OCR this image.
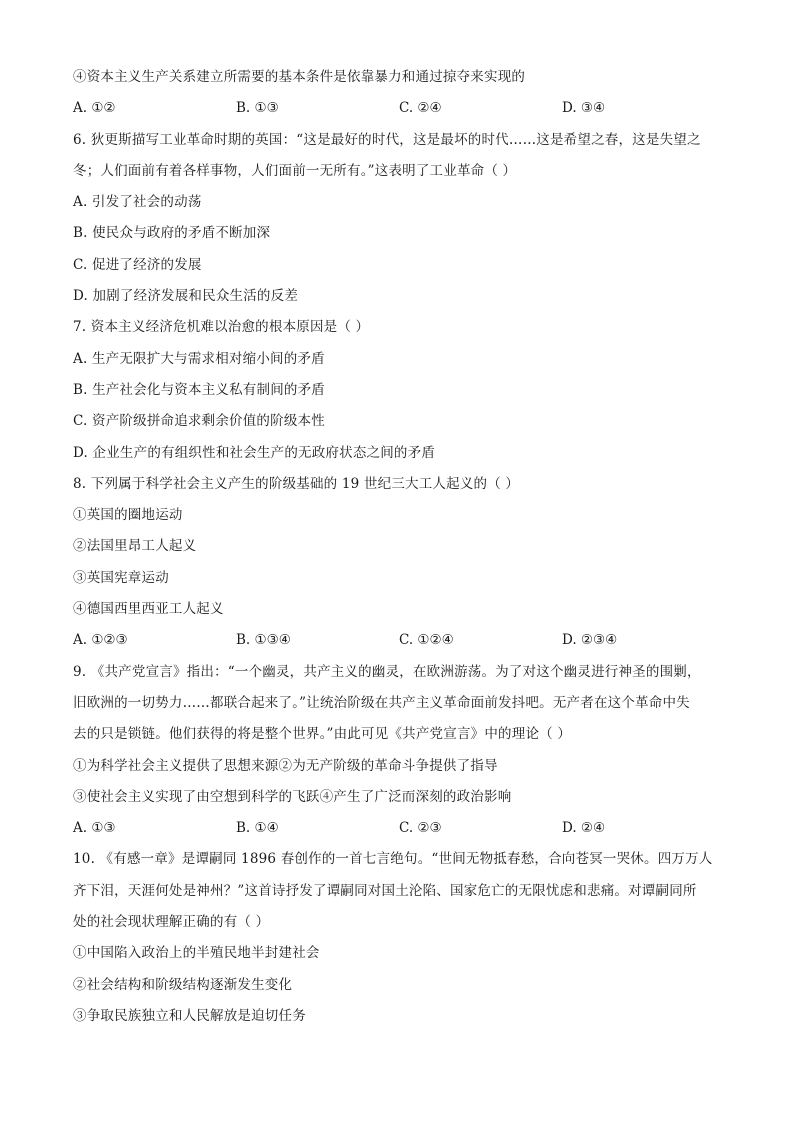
④资本主义生产关系建立所需要的基本条件是依靠暴力和通过掠夺来实现的
A. ①②	B. ①③	C. ②④	D. ③④
6. 狄更斯描写工业革命时期的英国：“这是最好的时代，这是最坏的时代……这是希望之春，这是失望之
冬；人们面前有着各样事物，人们面前一无所有。”这表明了工业革命（ ）
A. 引发了社会的动荡
B. 使民众与政府的矛盾不断加深
C. 促进了经济的发展
D. 加剧了经济发展和民众生活的反差
7. 资本主义经济危机难以治愈的根本原因是（ ）
A. 生产无限扩大与需求相对缩小间的矛盾
B. 生产社会化与资本主义私有制间的矛盾
C. 资产阶级拼命追求剩余价值的阶级本性
D. 企业生产的有组织性和社会生产的无政府状态之间的矛盾
8. 下列属于科学社会主义产生的阶级基础的 19 世纪三大工人起义的（ ）
①英国的圈地运动
②法国里昂工人起义
③英国宪章运动
④德国西里西亚工人起义
A. ①②③	B. ①③④	C. ①②④	D. ②③④
9. 《共产党宣言》指出：“一个幽灵，共产主义的幽灵，在欧洲游荡。为了对这个幽灵进行神圣的围剿，
旧欧洲的一切势力……都联合起来了。”让统治阶级在共产主义革命面前发抖吧。无产者在这个革命中失
去的只是锁链。他们获得的将是整个世界。”由此可见《共产党宣言》中的理论（ ）
①为科学社会主义提供了思想来源②为无产阶级的革命斗争提供了指导
③使社会主义实现了由空想到科学的飞跃④产生了广泛而深刻的政治影响
A. ①③	B. ①④	C. ②③	D. ②④
10. 《有感一章》是谭嗣同 1896 春创作的一首七言绝句。“世间无物抵春愁，合向苍冥一哭休。四万万人
齐下泪，天涯何处是神州？”这首诗抒发了谭嗣同对国土沦陷、国家危亡的无限忧虑和悲痛。对谭嗣同所
处的社会现状理解正确的有（ ）
①中国陷入政治上的半殖民地半封建社会
②社会结构和阶级结构逐渐发生变化
③争取民族独立和人民解放是迫切任务
